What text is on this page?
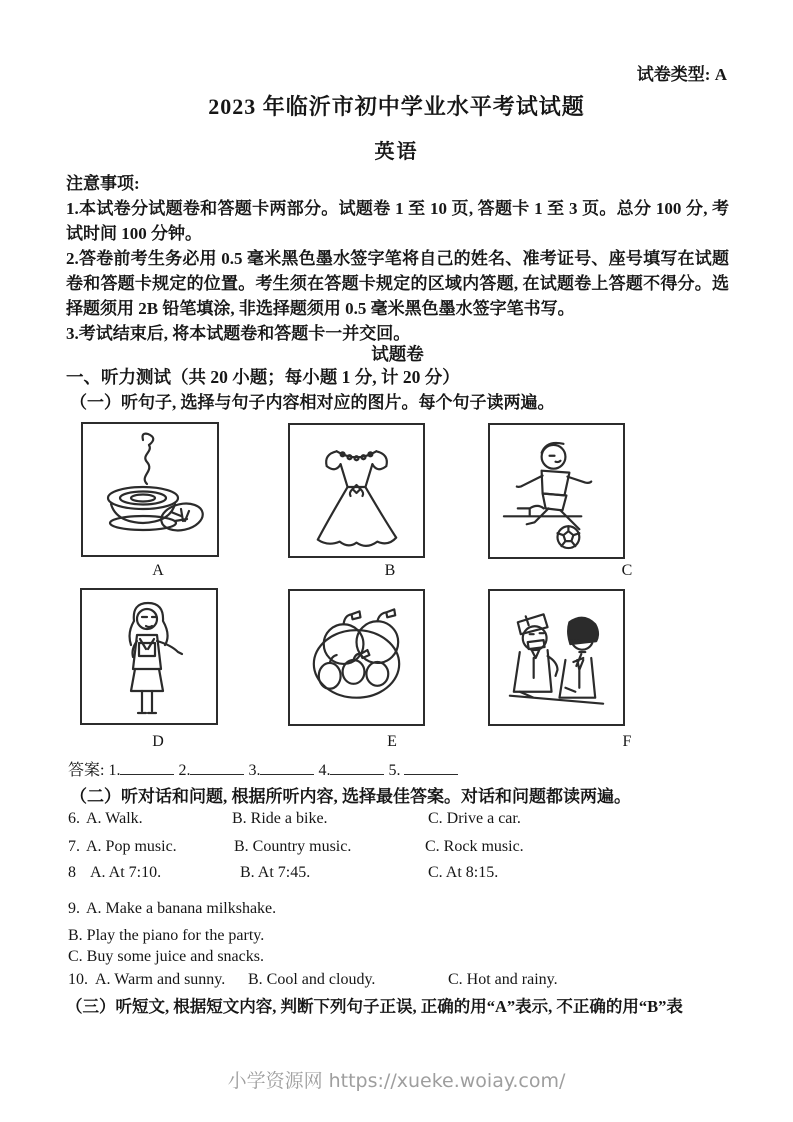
试卷类型: A
2023 年临沂市初中学业水平考试试题
英语

注意事项:

1.本试卷分试题卷和答题卡两部分。试题卷 1 至 10 页, 答题卡 1 至 3 页。总分 100 分, 考试时间 100 分钟。

2.答卷前考生务必用 0.5 毫米黑色墨水签字笔将自己的姓名、准考证号、座号填写在试题卷和答题卡规定的位置。考生须在答题卡规定的区域内答题, 在试题卷上答题不得分。选择题须用 2B 铅笔填涂, 非选择题须用 0.5 毫米黑色墨水签字笔书写。

3.考试结束后, 将本试题卷和答题卡一并交回。

试题卷
一、听力测试（共 20 小题；每小题 1 分, 计 20 分）
（一）听句子, 选择与句子内容相对应的图片。每个句子读两遍。
A	B	C
D	E	F
答案: 1.	2.	3.	4.	5.
（二）听对话和问题, 根据所听内容, 选择最佳答案。对话和问题都读两遍。
6. A. Walk.	B. Ride a bike.	C. Drive a car.
7. A. Pop music.	B. Country music.	C. Rock music.
8 A. At 7:10.	B. At 7:45.	C. At 8:15.
9. A. Make a banana milkshake.
B. Play the piano for the party.
C. Buy some juice and snacks.
10. A. Warm and sunny. B. Cool and cloudy.	C. Hot and rainy.
（三）听短文, 根据短文内容, 判断下列句子正误, 正确的用“A”表示, 不正确的用“B”表
小学资源网 https://xueke.woiay.com/
